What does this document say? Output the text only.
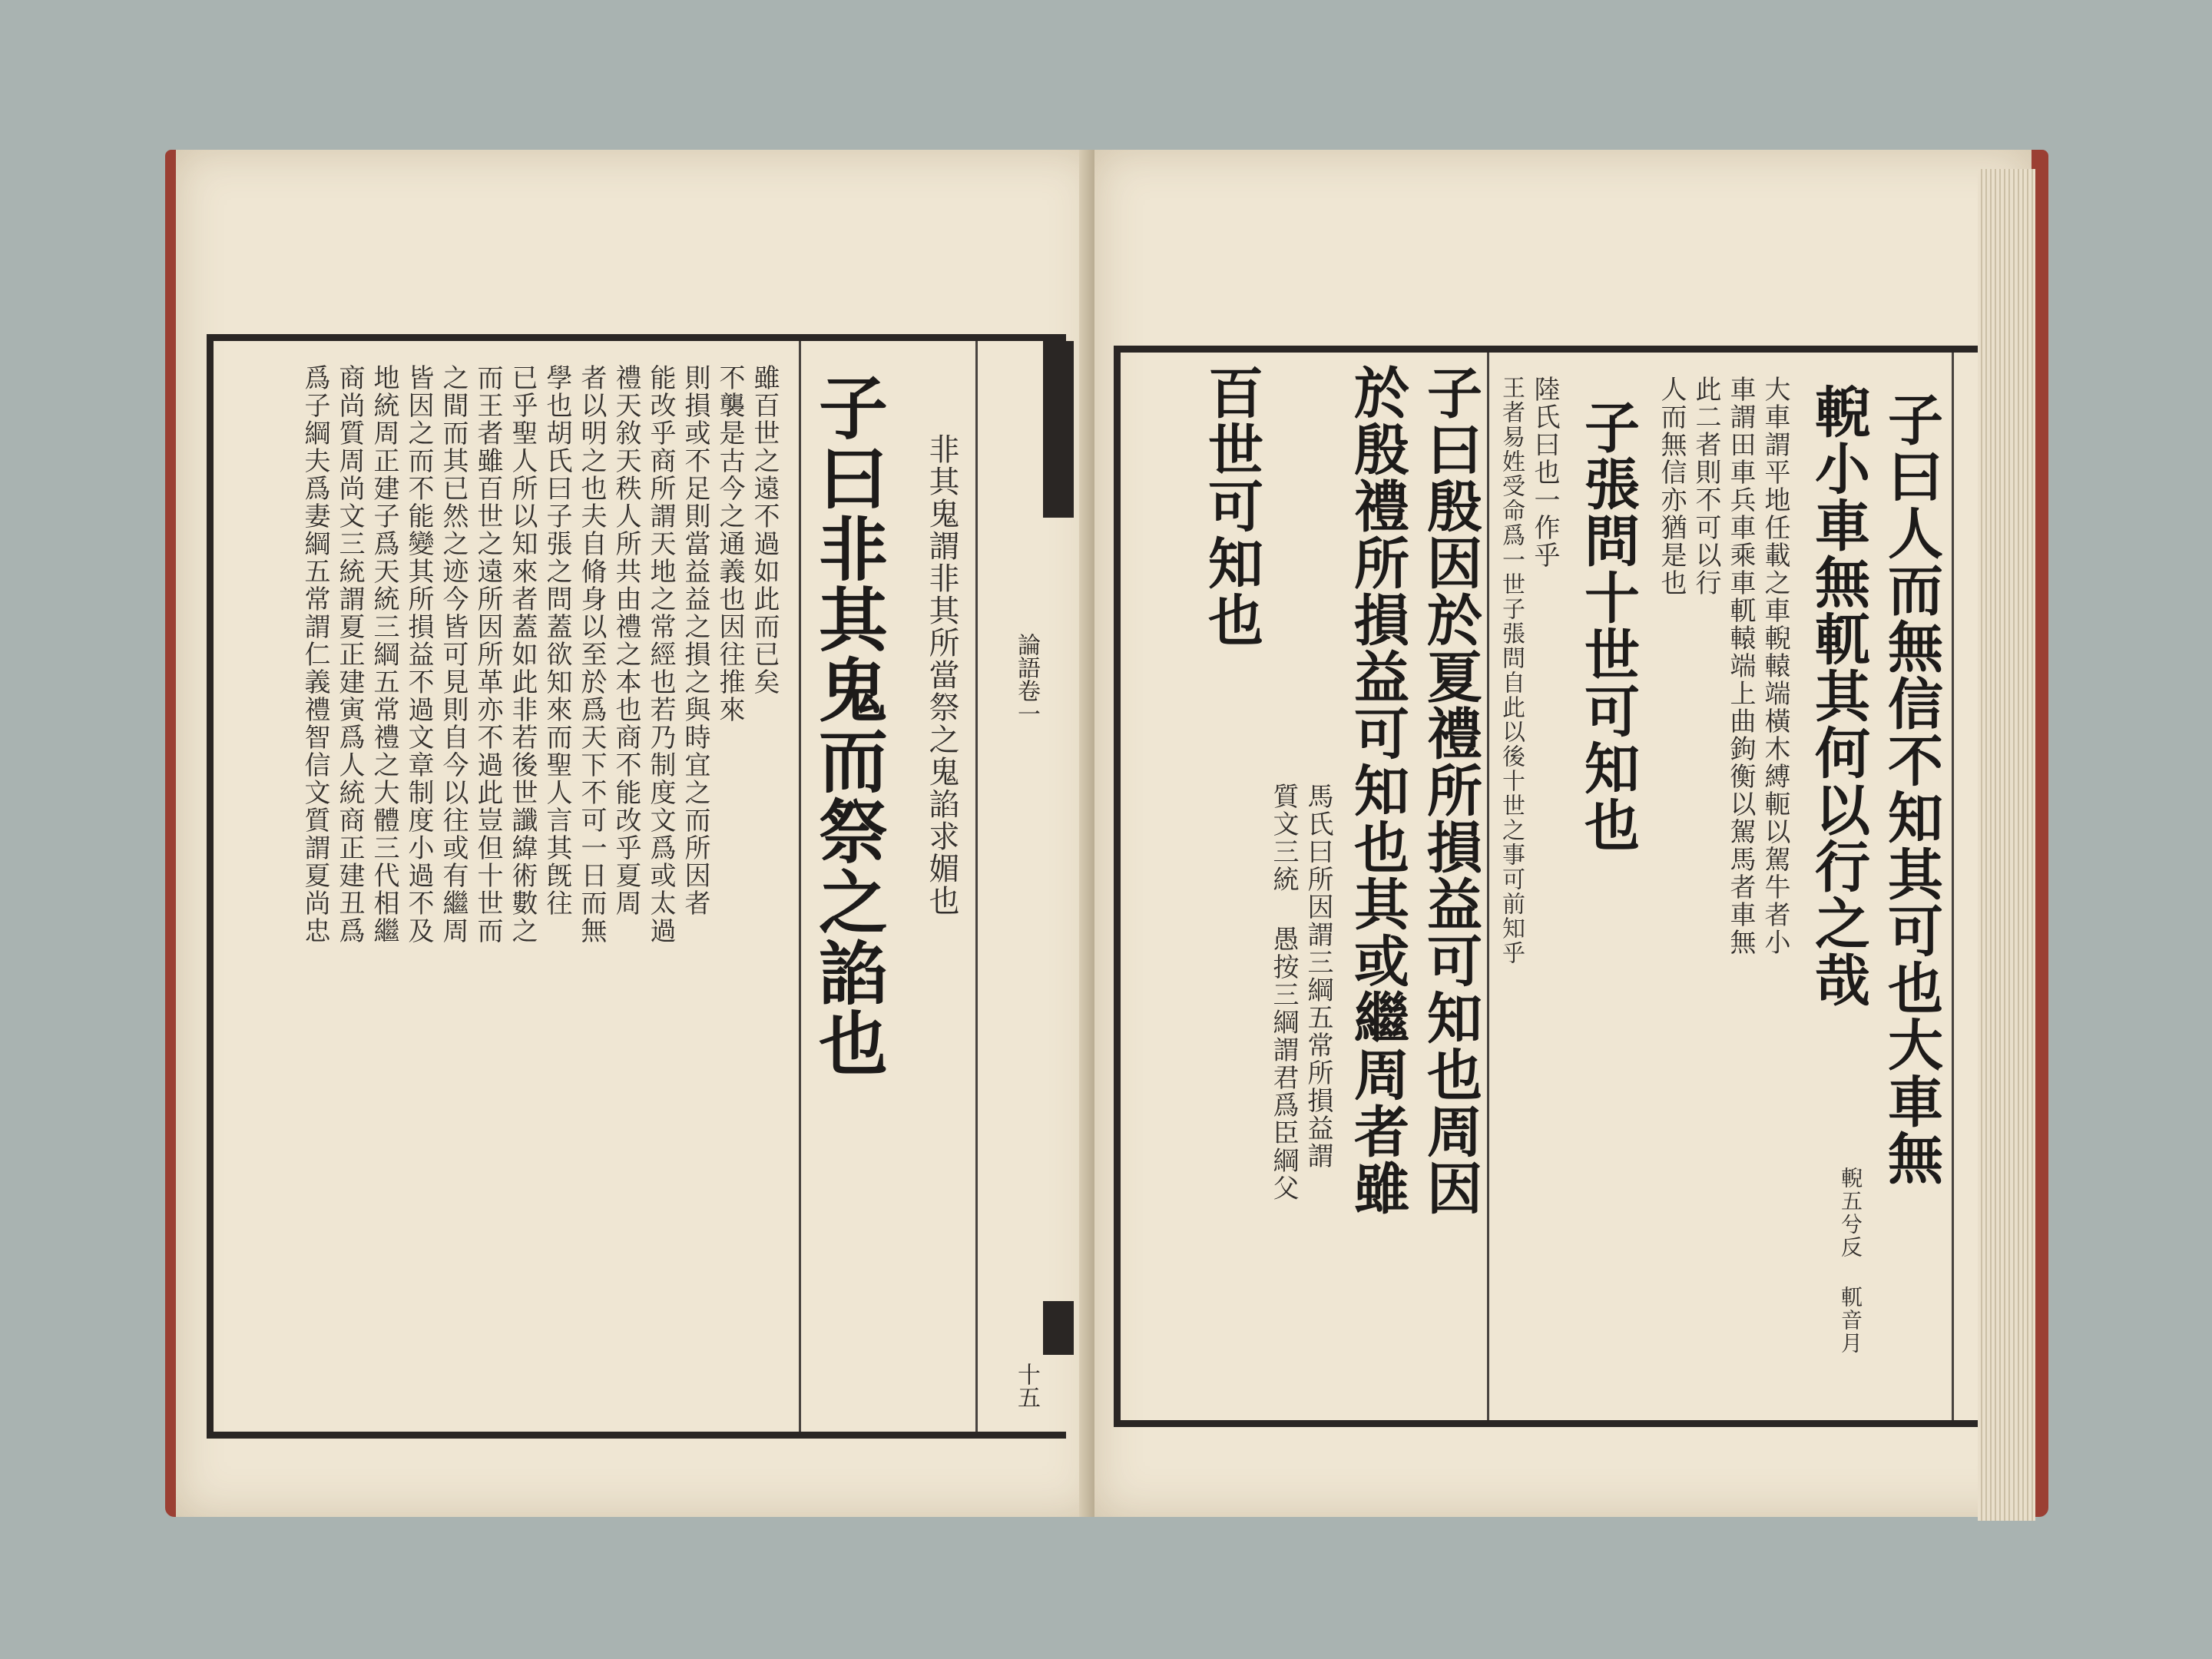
論語卷一
十五
非其鬼謂非其所當祭之鬼諂求媚也
子曰非其鬼而祭之諂也
雖百世之遠不過如此而已矣
不襲是古今之通義也因往推來
則損或不足則當益益之損之與時宜之而所因者
能改乎商所謂天地之常經也若乃制度文爲或太過
禮天敘天秩人所共由禮之本也商不能改乎夏周
者以明之也夫自脩身以至於爲天下不可一日而無
學也胡氏曰子張之問蓋欲知來而聖人言其旣往
已乎聖人所以知來者蓋如此非若後世讖緯術數之
而王者雖百世之遠所因所革亦不過此豈但十世而
之間而其已然之迹今皆可見則自今以往或有繼周
皆因之而不能變其所損益不過文章制度小過不及
地統周正建子爲天統三綱五常禮之大體三代相繼
商尚質周尚文三統謂夏正建寅爲人統商正建丑爲
爲子綱夫爲妻綱五常謂仁義禮智信文質謂夏尚忠	子曰人而無信不知其可也大車無
輗小車無軏其何以行之哉
輗五兮反 軏音月
大車謂平地任載之車輗轅端橫木縛軛以駕牛者小
車謂田車兵車乘車軏轅端上曲鉤衡以駕馬者車無
此二者則不可以行
人而無信亦猶是也
子張問十世可知也
陸氏曰也一作乎
王者易姓受命爲一世子張問自此以後十世之事可前知乎
子曰殷因於夏禮所損益可知也周因
於殷禮所損益可知也其或繼周者雖
馬氏曰所因謂三綱五常所損益謂
質文三統 愚按三綱謂君爲臣綱父
百世可知也
